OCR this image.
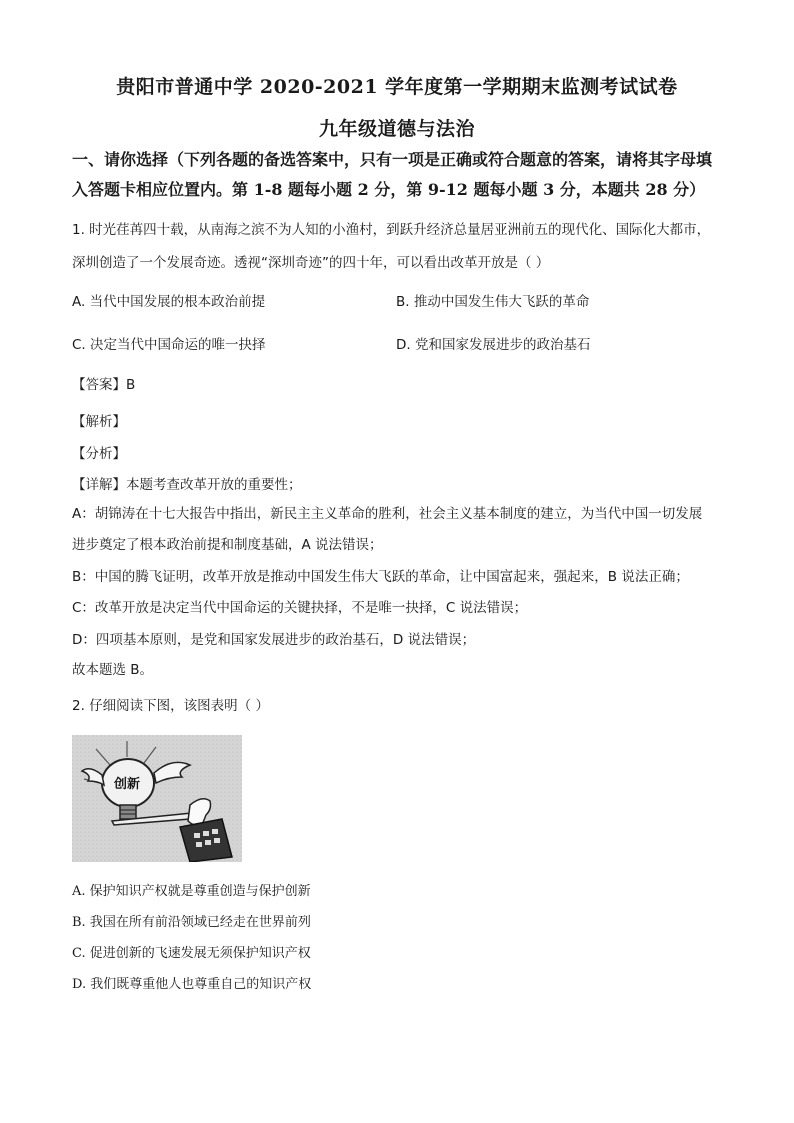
贵阳市普通中学 2020-2021 学年度第一学期期末监测考试试卷
九年级道德与法治
一、请你选择（下列各题的备选答案中，只有一项是正确或符合题意的答案，请将其字母填
入答题卡相应位置内。第 1-8 题每小题 2 分，第 9-12 题每小题 3 分，本题共 28 分）
1. 时光荏苒四十载，从南海之滨不为人知的小渔村，到跃升经济总量居亚洲前五的现代化、国际化大都市，
深圳创造了一个发展奇迹。透视“深圳奇迹”的四十年，可以看出改革开放是（ ）
A. 当代中国发展的根本政治前提	B. 推动中国发生伟大飞跃的革命
C. 决定当代中国命运的唯一抉择	D. 党和国家发展进步的政治基石
【答案】B
【解析】
【分析】
【详解】本题考查改革开放的重要性；
A：胡锦涛在十七大报告中指出，新民主主义革命的胜利，社会主义基本制度的建立，为当代中国一切发展
进步奠定了根本政治前提和制度基础，A 说法错误；
B：中国的腾飞证明，改革开放是推动中国发生伟大飞跃的革命，让中国富起来，强起来，B 说法正确；
C：改革开放是决定当代中国命运的关键抉择，不是唯一抉择，C 说法错误；
D：四项基本原则，是党和国家发展进步的政治基石，D 说法错误；
故本题选 B。
2. 仔细阅读下图，该图表明（ ）
创新
A. 保护知识产权就是尊重创造与保护创新
B. 我国在所有前沿领域已经走在世界前列
C. 促进创新的飞速发展无须保护知识产权
D. 我们既尊重他人也尊重自己的知识产权
